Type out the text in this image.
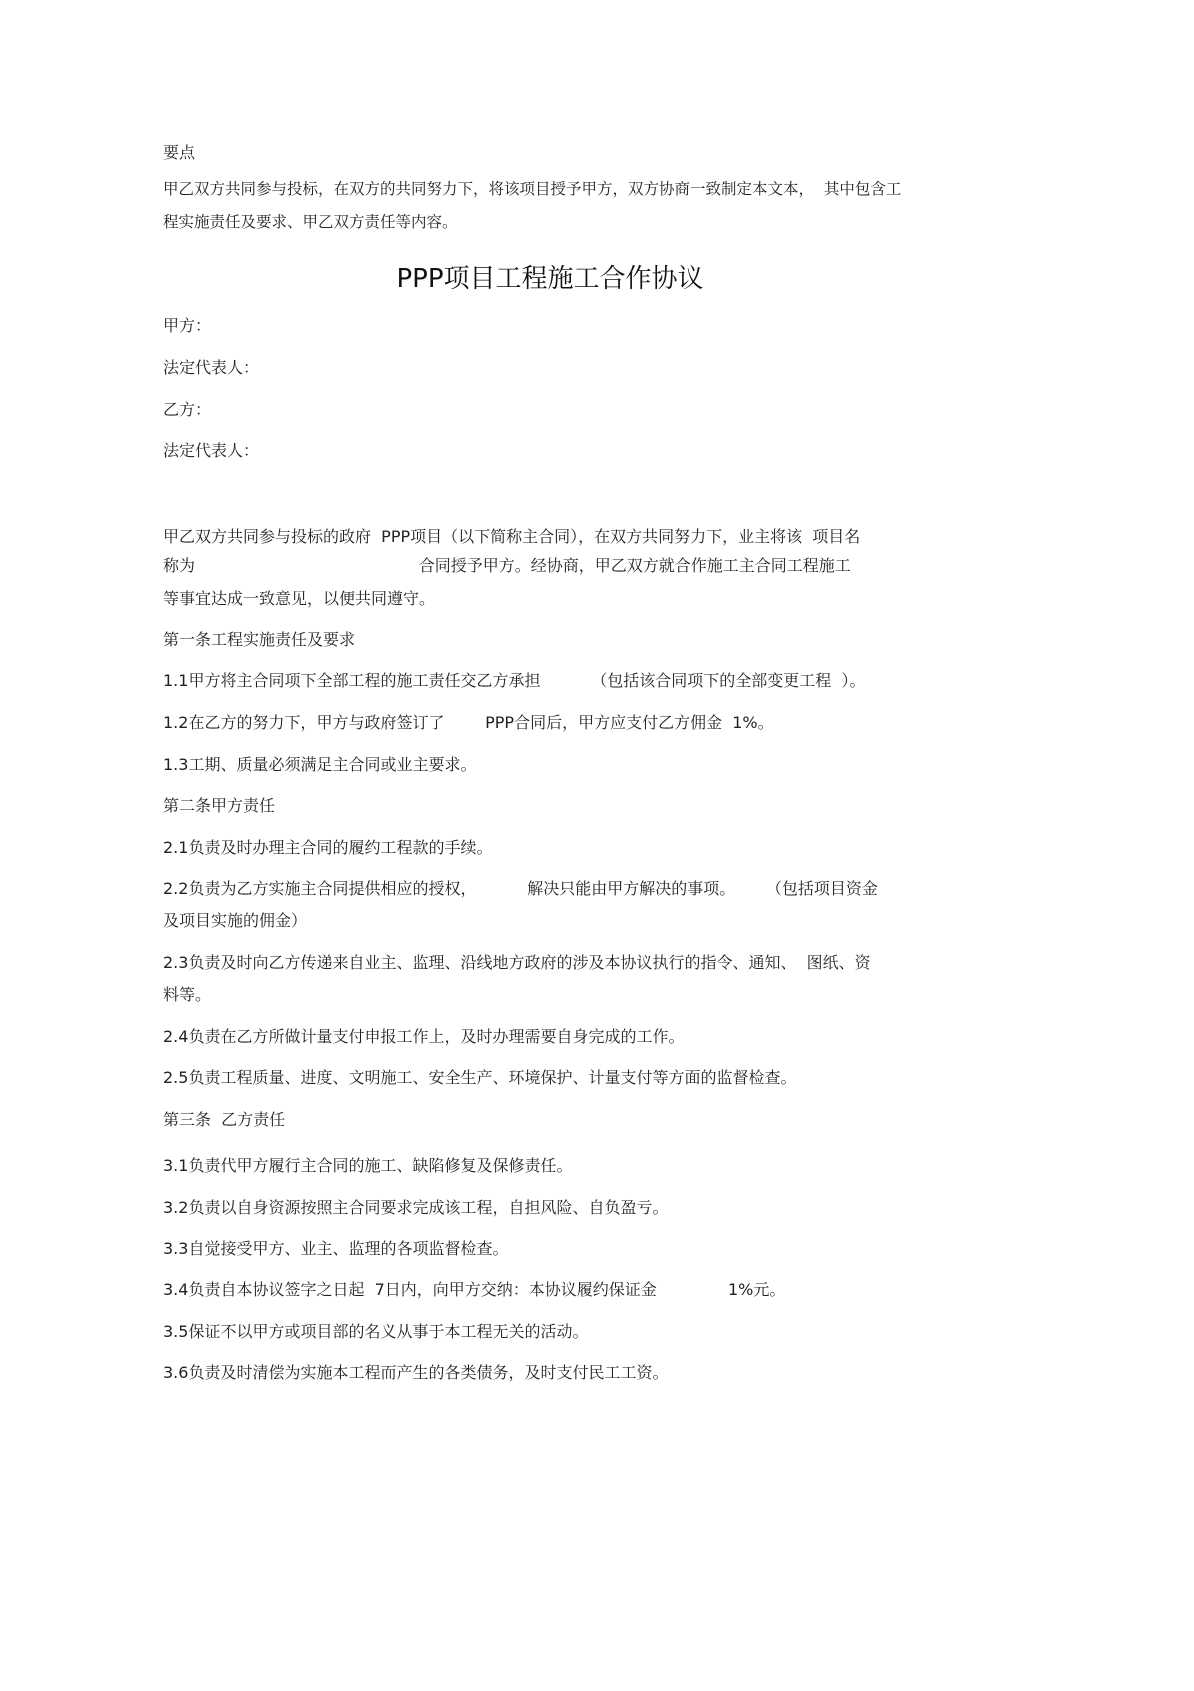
要点
甲乙双方共同参与投标，在双方的共同努力下，将该项目授予甲方，双方协商一致制定本文本，  其中包含工
程实施责任及要求、甲乙双方责任等内容。
PPP项目工程施工合作协议
甲方：
法定代表人：
乙方：
法定代表人：
甲乙双方共同参与投标的政府  PPP项目（以下简称主合同），在双方共同努力下，业主将该  项目名
称为                                            合同授予甲方。经协商，甲乙双方就合作施工主合同工程施工
等事宜达成一致意见，以便共同遵守。
第一条工程实施责任及要求
1.1甲方将主合同项下全部工程的施工责任交乙方承担          （包括该合同项下的全部变更工程  ）。
1.2在乙方的努力下，甲方与政府签订了        PPP合同后，甲方应支付乙方佣金  1%。
1.3工期、质量必须满足主合同或业主要求。
第二条甲方责任
2.1负责及时办理主合同的履约工程款的手续。
2.2负责为乙方实施主合同提供相应的授权，          解决只能由甲方解决的事项。      （包括项目资金
及项目实施的佣金）
2.3负责及时向乙方传递来自业主、监理、沿线地方政府的涉及本协议执行的指令、通知、  图纸、资
料等。
2.4负责在乙方所做计量支付申报工作上，及时办理需要自身完成的工作。
2.5负责工程质量、进度、文明施工、安全生产、环境保护、计量支付等方面的监督检查。
第三条  乙方责任
3.1负责代甲方履行主合同的施工、缺陷修复及保修责任。
3.2负责以自身资源按照主合同要求完成该工程，自担风险、自负盈亏。
3.3自觉接受甲方、业主、监理的各项监督检查。
3.4负责自本协议签字之日起  7日内，向甲方交纳：本协议履约保证金              1%元。
3.5保证不以甲方或项目部的名义从事于本工程无关的活动。
3.6负责及时清偿为实施本工程而产生的各类债务，及时支付民工工资。
